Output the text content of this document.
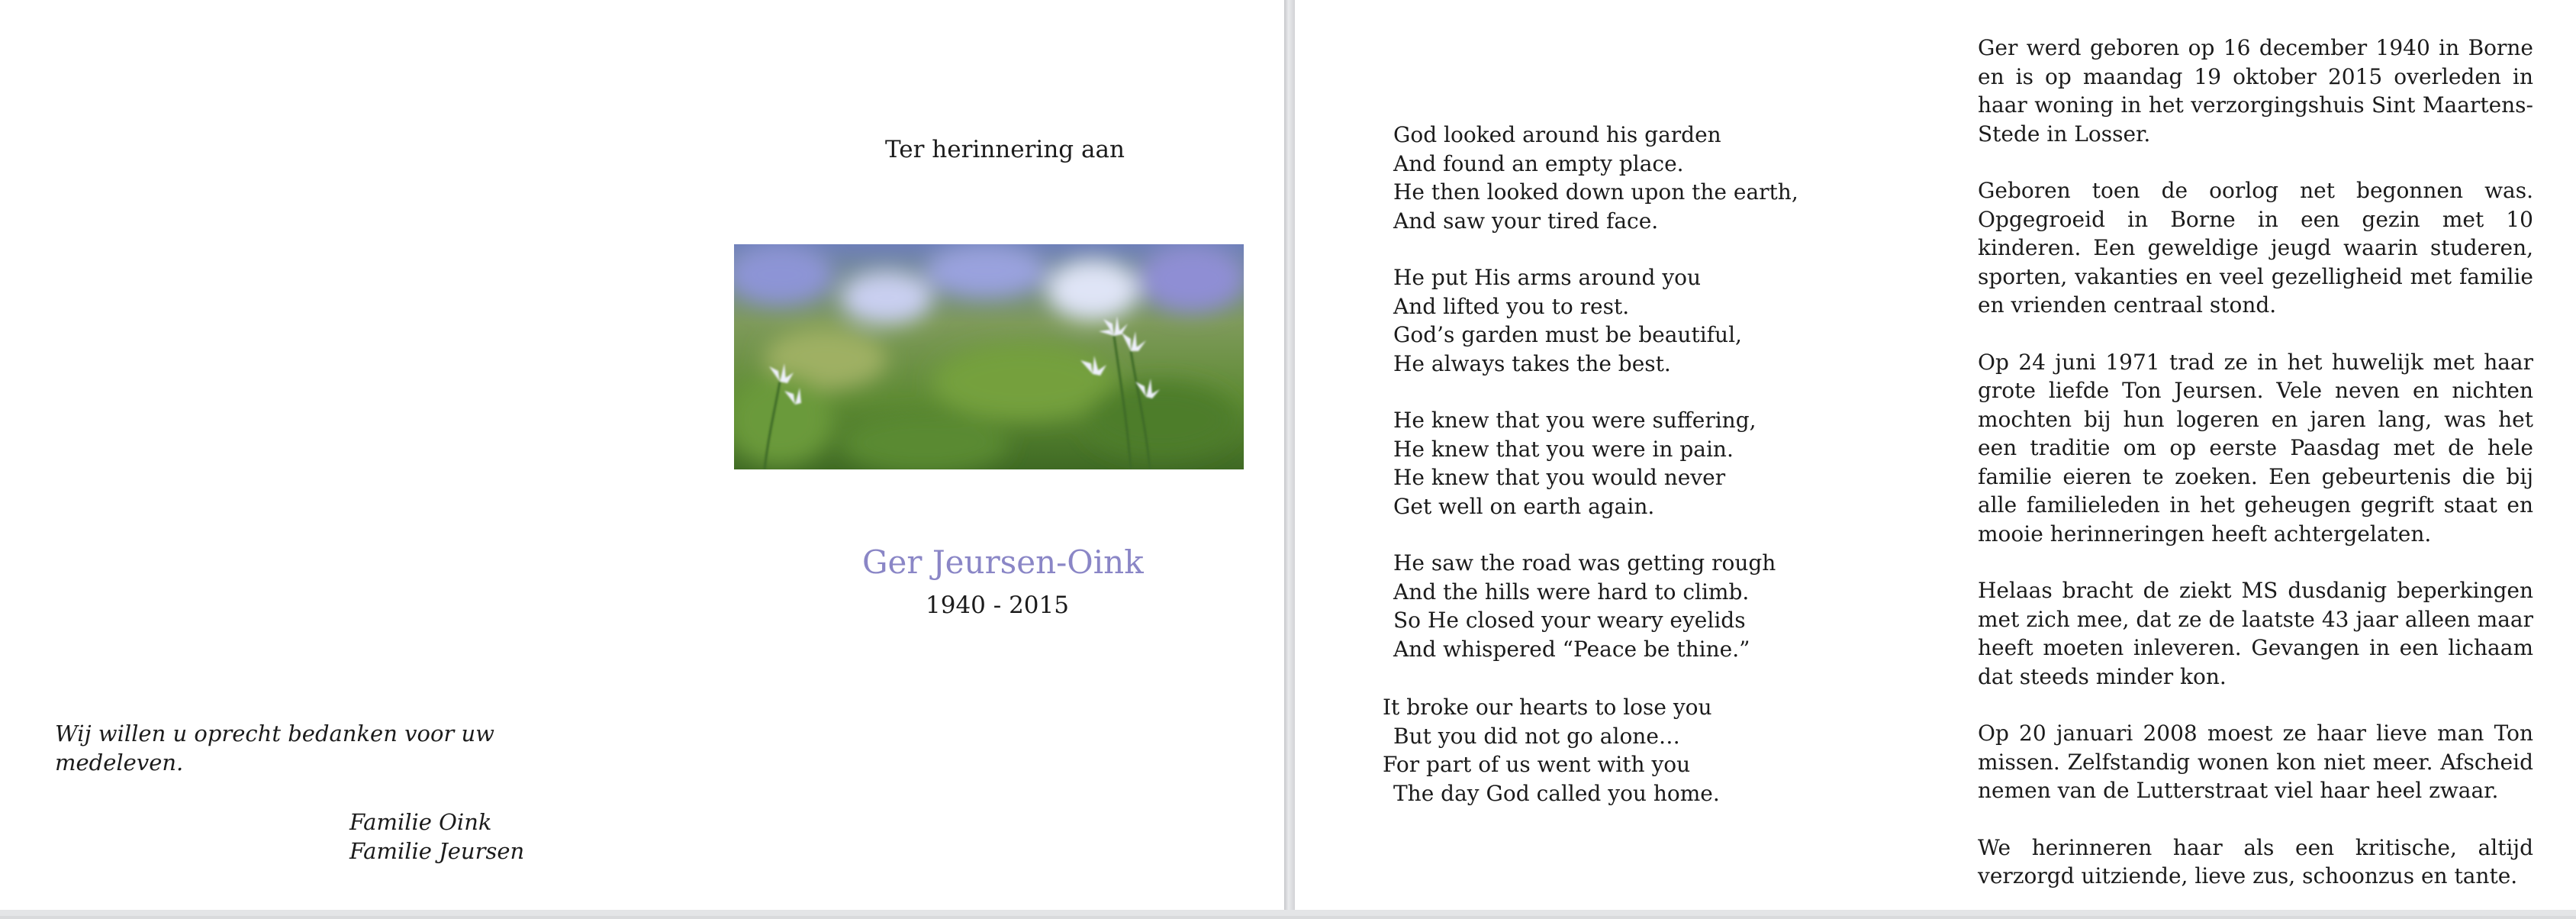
Ter herinnering aan

Ger Jeursen-Oink

1940 - 2015

Wij willen u oprecht bedanken voor uw medeleven.

Familie Oink
Familie Jeursen
God looked around his garden
And found an empty place.
He then looked down upon the earth,
And saw your tired face.
He put His arms around you
And lifted you to rest.
God’s garden must be beautiful,
He always takes the best.
He knew that you were suffering,
He knew that you were in pain.
He knew that you would never
Get well on earth again.
He saw the road was getting rough
And the hills were hard to climb.
So He closed your weary eyelids
And whispered “Peace be thine.”
It broke our hearts to lose you
But you did not go alone…
For part of us went with you
The day God called you home.

Ger werd geboren op 16 december 1940 in Borne en is op maandag 19 oktober 2015 overleden in haar woning in het verzorgingshuis Sint Maartens-Stede in Losser.

Geboren toen de oorlog net begonnen was. Opgegroeid in Borne in een gezin met 10 kinderen. Een geweldige jeugd waarin studeren, sporten, vakanties en veel gezelligheid met familie en vrienden centraal stond.

Op 24 juni 1971 trad ze in het huwelijk met haar grote liefde Ton Jeursen. Vele neven en nichten mochten bij hun logeren en jaren lang, was het een traditie om op eerste Paasdag met de hele familie eieren te zoeken. Een gebeurtenis die bij alle familieleden in het geheugen gegrift staat en mooie herinneringen heeft achtergelaten.

Helaas bracht de ziekt MS dusdanig beperkingen met zich mee, dat ze de laatste 43 jaar alleen maar heeft moeten inleveren. Gevangen in een lichaam dat steeds minder kon.

Op 20 januari 2008 moest ze haar lieve man Ton missen. Zelfstandig wonen kon niet meer. Afscheid nemen van de Lutterstraat viel haar heel zwaar.

We herinneren haar als een kritische, altijd verzorgd uitziende, lieve zus, schoonzus en tante.
